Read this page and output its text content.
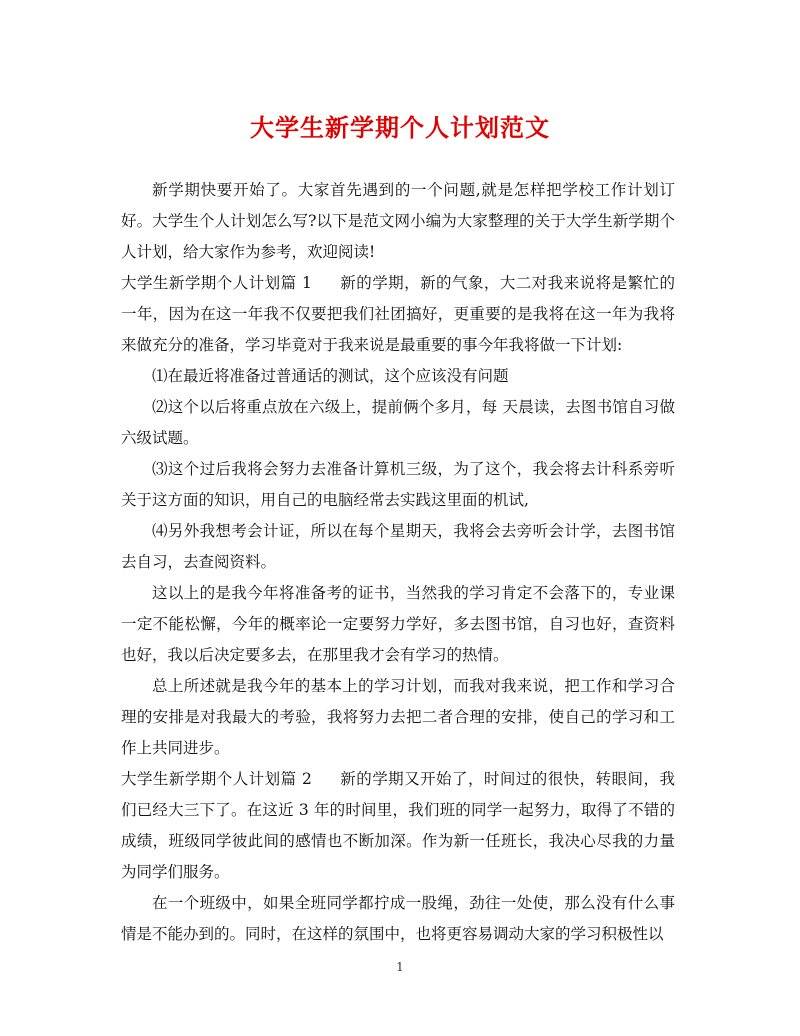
大学生新学期个人计划范文

新学期快要开始了。大家首先遇到的一个问题,就是怎样把学校工作计划订好。大学生个人计划怎么写?以下是范文网小编为大家整理的关于大学生新学期个人计划，给大家作为参考，欢迎阅读!

大学生新学期个人计划篇 1 新的学期，新的气象，大二对我来说将是繁忙的一年，因为在这一年我不仅要把我们社团搞好，更重要的是我将在这一年为我将来做充分的准备，学习毕竟对于我来说是最重要的事今年我将做一下计划:

⑴在最近将准备过普通话的测试，这个应该没有问题

⑵这个以后将重点放在六级上，提前俩个多月，每 天晨读，去图书馆自习做六级试题。

⑶这个过后我将会努力去准备计算机三级，为了这个，我会将去计科系旁听关于这方面的知识，用自己的电脑经常去实践这里面的机试,

⑷另外我想考会计证，所以在每个星期天，我将会去旁听会计学，去图书馆去自习，去查阅资料。

这以上的是我今年将准备考的证书，当然我的学习肯定不会落下的，专业课一定不能松懈，今年的概率论一定要努力学好，多去图书馆，自习也好，查资料也好，我以后决定要多去，在那里我才会有学习的热情。

总上所述就是我今年的基本上的学习计划，而我对我来说，把工作和学习合理的安排是对我最大的考验，我将努力去把二者合理的安排，使自己的学习和工作上共同进步。

大学生新学期个人计划篇 2 新的学期又开始了，时间过的很快，转眼间，我们已经大三下了。在这近 3 年的时间里，我们班的同学一起努力，取得了不错的成绩，班级同学彼此间的感情也不断加深。作为新一任班长，我决心尽我的力量为同学们服务。

在一个班级中，如果全班同学都拧成一股绳，劲往一处使，那么没有什么事情是不能办到的。同时，在这样的氛围中，也将更容易调动大家的学习积极性以

1
